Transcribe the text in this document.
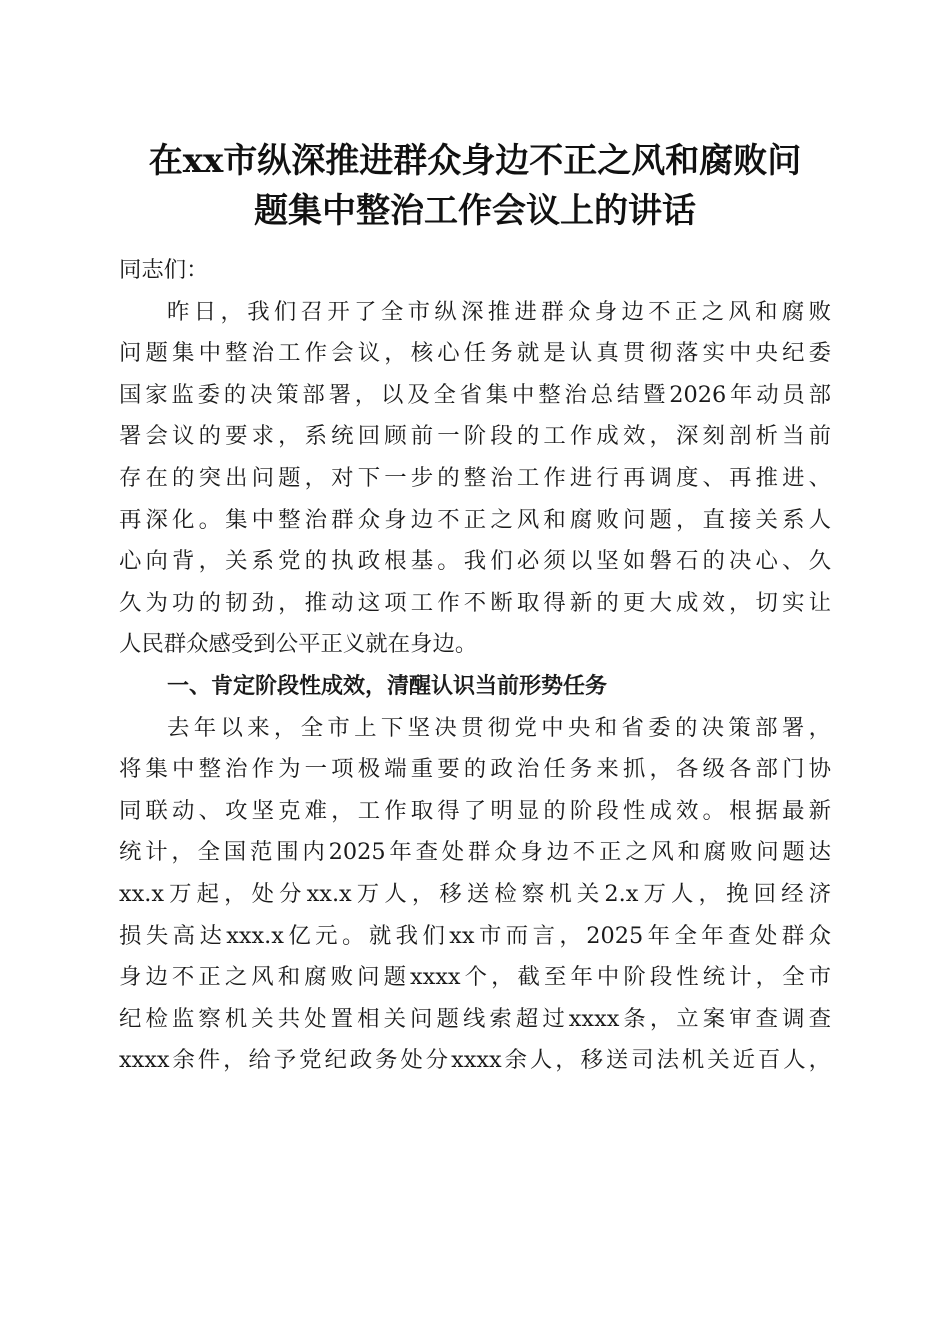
在xx市纵深推进群众身边不正之风和腐败问
题集中整治工作会议上的讲话
同志们：
昨日，我们召开了全市纵深推进群众身边不正之风和腐败
问题集中整治工作会议，核心任务就是认真贯彻落实中央纪委
国家监委的决策部署，以及全省集中整治总结暨2026年动员部
署会议的要求，系统回顾前一阶段的工作成效，深刻剖析当前
存在的突出问题，对下一步的整治工作进行再调度、再推进、
再深化。集中整治群众身边不正之风和腐败问题，直接关系人
心向背，关系党的执政根基。我们必须以坚如磐石的决心、久
久为功的韧劲，推动这项工作不断取得新的更大成效，切实让
人民群众感受到公平正义就在身边。
一、肯定阶段性成效，清醒认识当前形势任务
去年以来，全市上下坚决贯彻党中央和省委的决策部署，
将集中整治作为一项极端重要的政治任务来抓，各级各部门协
同联动、攻坚克难，工作取得了明显的阶段性成效。根据最新
统计，全国范围内2025年查处群众身边不正之风和腐败问题达
xx.x万起，处分xx.x万人，移送检察机关2.x万人，挽回经济
损失高达xxx.x亿元。就我们xx市而言，2025年全年查处群众
身边不正之风和腐败问题xxxx个，截至年中阶段性统计，全市
纪检监察机关共处置相关问题线索超过xxxx条，立案审查调查
xxxx余件，给予党纪政务处分xxxx余人，移送司法机关近百人，
